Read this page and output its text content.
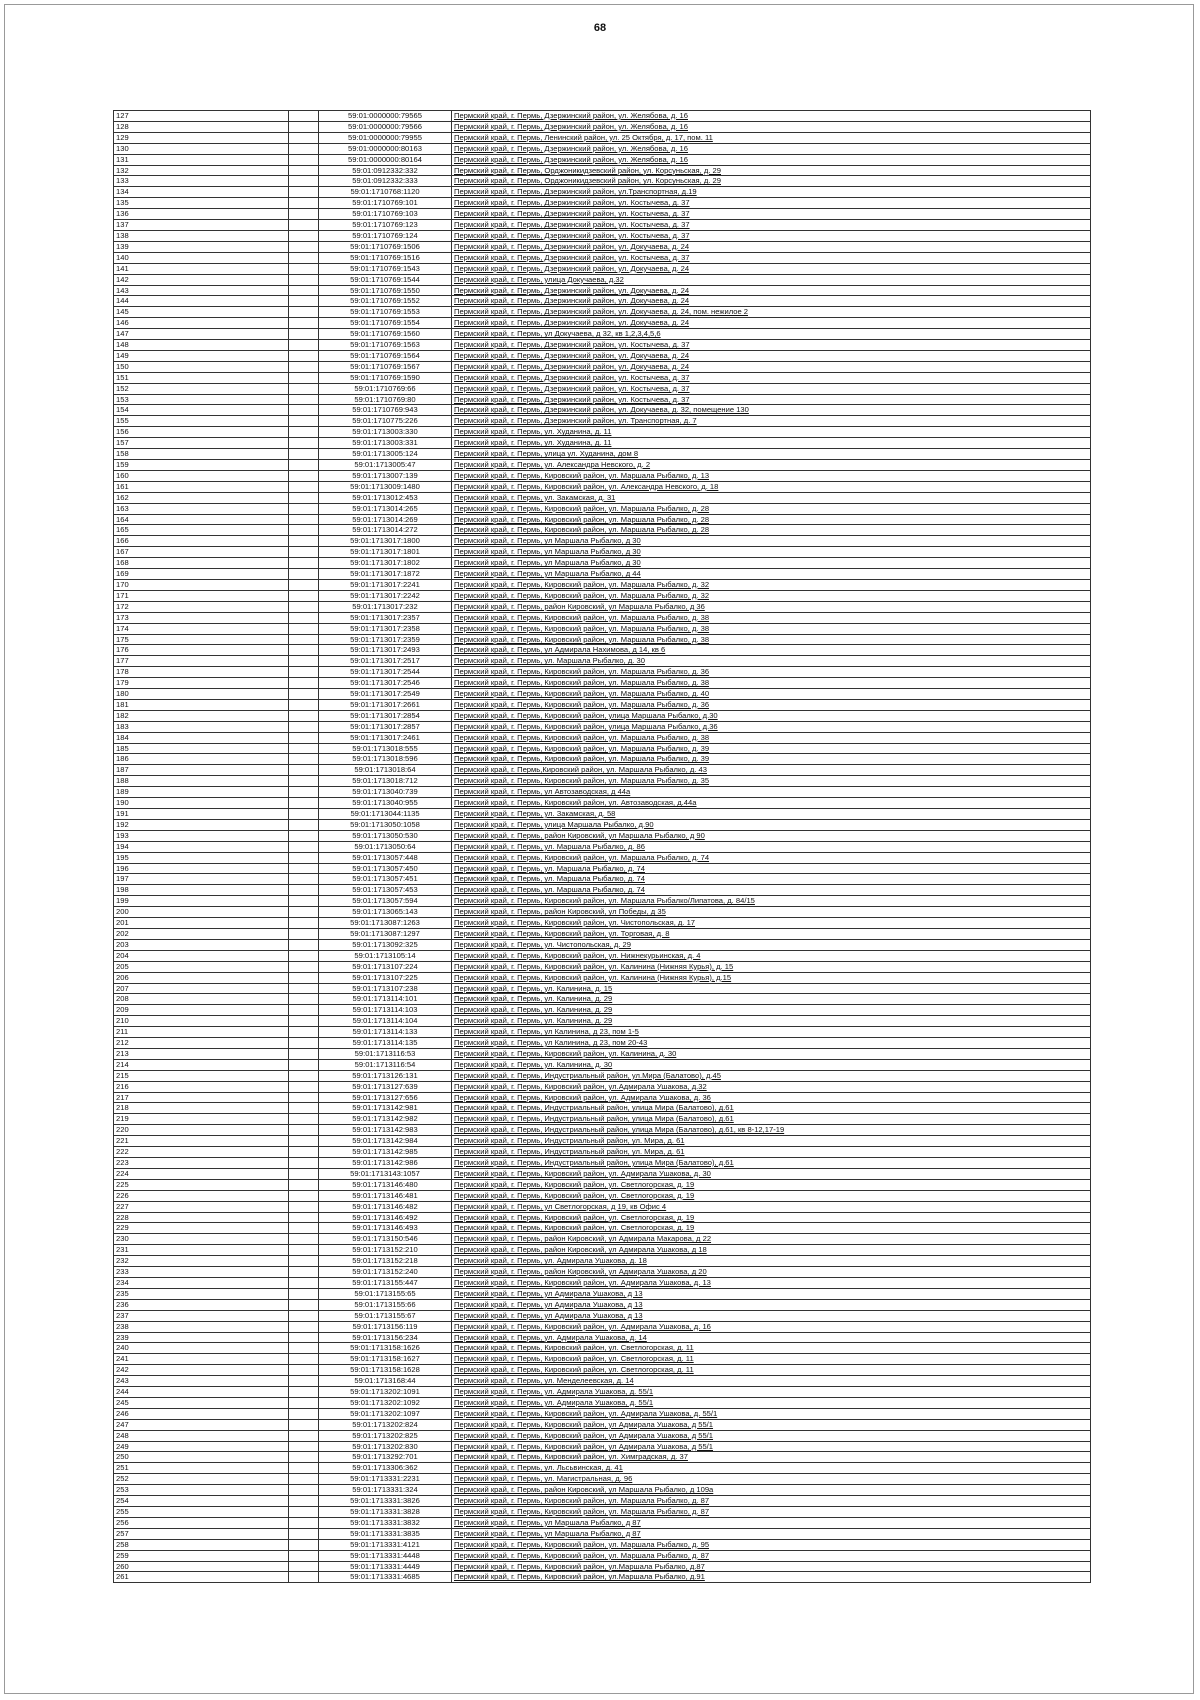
68
127		59:01:0000000:79565	Пермский край, г. Пермь, Дзержинский район, ул. Желябова, д. 16
128		59:01:0000000:79566	Пермский край, г. Пермь, Дзержинский район, ул. Желябова, д. 16
129		59:01:0000000:79955	Пермский край, г. Пермь, Ленинский район, ул. 25 Октября, д. 17, пом. 11
130		59:01:0000000:80163	Пермский край, г. Пермь, Дзержинский район, ул. Желябова, д. 16
131		59:01:0000000:80164	Пермский край, г. Пермь, Дзержинский район, ул. Желябова, д. 16
132		59:01:0912332:332	Пермский край, г. Пермь, Орджоникидзевский район, ул. Корсуньская, д. 29
133		59:01:0912332:333	Пермский край, г. Пермь, Орджоникидзевский район, ул. Корсуньская, д. 29
134		59:01:1710768:1120	Пермский край, г. Пермь, Дзержинский район, ул.Транспортная, д.19
135		59:01:1710769:101	Пермский край, г. Пермь, Дзержинский район, ул. Костычева, д. 37
136		59:01:1710769:103	Пермский край, г. Пермь, Дзержинский район, ул. Костычева, д. 37
137		59:01:1710769:123	Пермский край, г. Пермь, Дзержинский район, ул. Костычева, д. 37
138		59:01:1710769:124	Пермский край, г. Пермь, Дзержинский район, ул. Костычева, д. 37
139		59:01:1710769:1506	Пермский край, г. Пермь, Дзержинский район, ул. Докучаева, д. 24
140		59:01:1710769:1516	Пермский край, г. Пермь, Дзержинский район, ул. Костычева, д. 37
141		59:01:1710769:1543	Пермский край, г. Пермь, Дзержинский район, ул. Докучаева, д. 24
142		59:01:1710769:1544	Пермский край, г. Пермь, улица Докучаева, д.32
143		59:01:1710769:1550	Пермский край, г. Пермь, Дзержинский район, ул. Докучаева, д. 24
144		59:01:1710769:1552	Пермский край, г. Пермь, Дзержинский район, ул. Докучаева, д. 24
145		59:01:1710769:1553	Пермский край, г. Пермь, Дзержинский район, ул. Докучаева, д. 24, пом. нежилое 2
146		59:01:1710769:1554	Пермский край, г. Пермь, Дзержинский район, ул. Докучаева, д. 24
147		59:01:1710769:1560	Пермский край, г. Пермь, ул Докучаева, д 32, кв 1,2,3,4,5,6
148		59:01:1710769:1563	Пермский край, г. Пермь, Дзержинский район, ул. Костычева, д. 37
149		59:01:1710769:1564	Пермский край, г. Пермь, Дзержинский район, ул. Докучаева, д. 24
150		59:01:1710769:1567	Пермский край, г. Пермь, Дзержинский район, ул. Докучаева, д. 24
151		59:01:1710769:1590	Пермский край, г. Пермь, Дзержинский район, ул. Костычева, д. 37
152		59:01:1710769:66	Пермский край, г. Пермь, Дзержинский район, ул. Костычева, д. 37
153		59:01:1710769:80	Пермский край, г. Пермь, Дзержинский район, ул. Костычева, д. 37
154		59:01:1710769:943	Пермский край, г. Пермь, Дзержинский район, ул. Докучаева, д. 32, помещение 130
155		59:01:1710775:226	Пермский край, г. Пермь, Дзержинский район, ул. Транспортная, д. 7
156		59:01:1713003:330	Пермский край, г. Пермь, ул. Худанина, д. 11
157		59:01:1713003:331	Пермский край, г. Пермь, ул. Худанина, д. 11
158		59:01:1713005:124	Пермский край, г. Пермь, улица ул. Худанина, дом 8
159		59:01:1713005:47	Пермский край, г. Пермь, ул. Александра Невского, д. 2
160		59:01:1713007:139	Пермский край, г. Пермь, Кировский район, ул. Маршала Рыбалко, д. 13
161		59:01:1713009:1480	Пермский край, г. Пермь, Кировский район, ул. Александра Невского, д. 18
162		59:01:1713012:453	Пермский край, г. Пермь, ул. Закамская, д. 31
163		59:01:1713014:265	Пермский край, г. Пермь, Кировский район, ул. Маршала Рыбалко, д. 28
164		59:01:1713014:269	Пермский край, г. Пермь, Кировский район, ул. Маршала Рыбалко, д. 28
165		59:01:1713014:272	Пермский край, г. Пермь, Кировский район, ул. Маршала Рыбалко, д. 28
166		59:01:1713017:1800	Пермский край, г. Пермь, ул Маршала Рыбалко, д 30
167		59:01:1713017:1801	Пермский край, г. Пермь, ул Маршала Рыбалко, д 30
168		59:01:1713017:1802	Пермский край, г. Пермь, ул Маршала Рыбалко, д 30
169		59:01:1713017:1872	Пермский край, г. Пермь, ул Маршала Рыбалко, д 44
170		59:01:1713017:2241	Пермский край, г. Пермь, Кировский район, ул. Маршала Рыбалко, д. 32
171		59:01:1713017:2242	Пермский край, г. Пермь, Кировский район, ул. Маршала Рыбалко, д. 32
172		59:01:1713017:232	Пермский край, г. Пермь, район Кировский, ул Маршала Рыбалко, д 36
173		59:01:1713017:2357	Пермский край, г. Пермь, Кировский район, ул. Маршала Рыбалко, д. 38
174		59:01:1713017:2358	Пермский край, г. Пермь, Кировский район, ул. Маршала Рыбалко, д. 38
175		59:01:1713017:2359	Пермский край, г. Пермь, Кировский район, ул. Маршала Рыбалко, д. 38
176		59:01:1713017:2493	Пермский край, г. Пермь, ул Адмирала Нахимова, д 14, кв 6
177		59:01:1713017:2517	Пермский край, г. Пермь, ул. Маршала Рыбалко, д. 30
178		59:01:1713017:2544	Пермский край, г. Пермь, Кировский район, ул. Маршала Рыбалко, д. 36
179		59:01:1713017:2546	Пермский край, г. Пермь, Кировский район, ул. Маршала Рыбалко, д. 38
180		59:01:1713017:2549	Пермский край, г. Пермь, Кировский район, ул. Маршала Рыбалко, д. 40
181		59:01:1713017:2661	Пермский край, г. Пермь, Кировский район, ул. Маршала Рыбалко, д. 36
182		59:01:1713017:2854	Пермский край, г. Пермь, Кировский район, улица Маршала Рыбалко, д.30
183		59:01:1713017:2857	Пермский край, г. Пермь, Кировский район, улица Маршала Рыбалко, д.36
184		59:01:1713017:2461	Пермский край, г. Пермь, Кировский район, ул. Маршала Рыбалко, д. 38
185		59:01:1713018:555	Пермский край, г. Пермь, Кировский район, ул. Маршала Рыбалко, д. 39
186		59:01:1713018:596	Пермский край, г. Пермь, Кировский район, ул. Маршала Рыбалко, д. 39
187		59:01:1713018:64	Пермский край, г. Пермь,Кировский район, ул. Маршала Рыбалко, д. 43
188		59:01:1713018:712	Пермский край, г. Пермь, Кировский район, ул. Маршала Рыбалко, д. 35
189		59:01:1713040:739	Пермский край, г. Пермь, ул Автозаводская, д 44а
190		59:01:1713040:955	Пермский край, г. Пермь, Кировский район, ул. Автозаводская, д.44а
191		59:01:1713044:1135	Пермский край, г. Пермь, ул. Закамская, д. 58
192		59:01:1713050:1058	Пермский край, г. Пермь, улица Маршала Рыбалко, д.90
193		59:01:1713050:530	Пермский край, г. Пермь, район Кировский, ул Маршала Рыбалко, д 90
194		59:01:1713050:64	Пермский край, г. Пермь, ул. Маршала Рыбалко, д. 86
195		59:01:1713057:448	Пермский край, г. Пермь, Кировский район, ул. Маршала Рыбалко, д. 74
196		59:01:1713057:450	Пермский край, г. Пермь, ул. Маршала Рыбалко, д. 74
197		59:01:1713057:451	Пермский край, г. Пермь, ул. Маршала Рыбалко, д. 74
198		59:01:1713057:453	Пермский край, г. Пермь, ул. Маршала Рыбалко, д. 74
199		59:01:1713057:594	Пермский край, г. Пермь, Кировский район, ул. Маршала Рыбалко/Липатова, д. 84/15
200		59:01:1713065:143	Пермский край, г. Пермь, район Кировский, ул Победы, д 35
201		59:01:1713087:1263	Пермский край, г. Пермь, Кировский район, ул. Чистопольская, д. 17
202		59:01:1713087:1297	Пермский край, г. Пермь, Кировский район, ул. Торговая, д. 8
203		59:01:1713092:325	Пермский край, г. Пермь, ул. Чистопольская, д. 29
204		59:01:1713105:14	Пермский край, г. Пермь, Кировский район, ул. Нижнекурьинская, д. 4
205		59:01:1713107:224	Пермский край, г. Пермь, Кировский район, ул. Калинина (Нижняя Курья), д. 15
206		59:01:1713107:225	Пермский край, г. Пермь, Кировский район, ул. Калинина (Нижняя Курья), д.15
207		59:01:1713107:238	Пермский край, г. Пермь, ул. Калинина, д. 15
208		59:01:1713114:101	Пермский край, г. Пермь, ул. Калинина, д. 29
209		59:01:1713114:103	Пермский край, г. Пермь, ул. Калинина, д. 29
210		59:01:1713114:104	Пермский край, г. Пермь, ул. Калинина, д. 29
211		59:01:1713114:133	Пермский край, г. Пермь, ул Калинина, д 23, пом 1-5
212		59:01:1713114:135	Пермский край, г. Пермь, ул Калинина, д 23, пом 20-43
213		59:01:1713116:53	Пермский край, г. Пермь, Кировский район, ул. Калинина, д. 30
214		59:01:1713116:54	Пермский край, г. Пермь, ул. Калинина, д. 30
215		59:01:1713126:131	Пермский край, г. Пермь, Индустриальный район, ул.Мира (Балатово), д.45
216		59:01:1713127:639	Пермский край, г. Пермь, Кировский район, ул.Адмирала Ушакова, д.32
217		59:01:1713127:656	Пермский край, г. Пермь, Кировский район, ул. Адмирала Ушакова, д. 36
218		59:01:1713142:981	Пермский край, г. Пермь, Индустриальный район, улица Мира (Балатово), д.61
219		59:01:1713142:982	Пермский край, г. Пермь, Индустриальный район, улица Мира (Балатово), д.61
220		59:01:1713142:983	Пермский край, г. Пермь, Индустриальный район, улица Мира (Балатово), д.61, кв 8-12,17-19
221		59:01:1713142:984	Пермский край, г. Пермь, Индустриальный район, ул. Мира, д. 61
222		59:01:1713142:985	Пермский край, г. Пермь, Индустриальный район, ул. Мира, д. 61
223		59:01:1713142:986	Пермский край, г. Пермь, Индустриальный район, улица Мира (Балатово), д.61
224		59:01:1713143:1057	Пермский край, г. Пермь, Кировский район, ул. Адмирала Ушакова, д. 30
225		59:01:1713146:480	Пермский край, г. Пермь, Кировский район, ул. Светлогорская, д. 19
226		59:01:1713146:481	Пермский край, г. Пермь, Кировский район, ул. Светлогорская, д. 19
227		59:01:1713146:482	Пермский край, г. Пермь, ул Светлогорская, д 19, кв Офис 4
228		59:01:1713146:492	Пермский край, г. Пермь, Кировский район, ул. Светлогорская, д. 19
229		59:01:1713146:493	Пермский край, г. Пермь, Кировский район, ул. Светлогорская, д. 19
230		59:01:1713150:546	Пермский край, г. Пермь, район Кировский, ул Адмирала Макарова, д 22
231		59:01:1713152:210	Пермский край, г. Пермь, район Кировский, ул Адмирала Ушакова, д 18
232		59:01:1713152:218	Пермский край, г. Пермь, ул. Адмирала Ушакова, д. 18
233		59:01:1713152:240	Пермский край, г. Пермь, район Кировский, ул Адмирала Ушакова, д 20
234		59:01:1713155:447	Пермский край, г. Пермь, Кировский район, ул. Адмирала Ушакова, д. 13
235		59:01:1713155:65	Пермский край, г. Пермь, ул Адмирала Ушакова, д 13
236		59:01:1713155:66	Пермский край, г. Пермь, ул Адмирала Ушакова, д 13
237		59:01:1713155:67	Пермский край, г. Пермь, ул Адмирала Ушакова, д 13
238		59:01:1713156:119	Пермский край, г. Пермь, Кировский район, ул. Адмирала Ушакова, д. 16
239		59:01:1713156:234	Пермский край, г. Пермь, ул. Адмирала Ушакова, д. 14
240		59:01:1713158:1626	Пермский край, г. Пермь, Кировский район, ул. Светлогорская, д. 11
241		59:01:1713158:1627	Пермский край, г. Пермь, Кировский район, ул. Светлогорская, д. 11
242		59:01:1713158:1628	Пермский край, г. Пермь, Кировский район, ул. Светлогорская, д. 11
243		59:01:1713168:44	Пермский край, г. Пермь, ул. Менделеевская, д. 14
244		59:01:1713202:1091	Пермский край, г. Пермь, ул. Адмирала Ушакова, д. 55/1
245		59:01:1713202:1092	Пермский край, г. Пермь, ул. Адмирала Ушакова, д. 55/1
246		59:01:1713202:1097	Пермский край, г. Пермь, Кировский район, ул. Адмирала Ушакова, д. 55/1
247		59:01:1713202:824	Пермский край, г. Пермь, Кировский район, ул Адмирала Ушакова, д 55/1
248		59:01:1713202:825	Пермский край, г. Пермь, Кировский район, ул Адмирала Ушакова, д 55/1
249		59:01:1713202:830	Пермский край, г. Пермь, Кировский район, ул Адмирала Ушакова, д 55/1
250		59:01:1713292:701	Пермский край, г. Пермь, Кировский район, ул. Химградская, д. 37
251		59:01:1713306:362	Пермский край, г. Пермь, ул. Льсьвинская, д. 41
252		59:01:1713331:2231	Пермский край, г. Пермь, ул. Магистральная, д. 96
253		59:01:1713331:324	Пермский край, г. Пермь, район Кировский, ул Маршала Рыбалко, д 109а
254		59:01:1713331:3826	Пермский край, г. Пермь, Кировский район, ул. Маршала Рыбалко, д. 87
255		59:01:1713331:3828	Пермский край, г. Пермь, Кировский район, ул. Маршала Рыбалко, д. 87
256		59:01:1713331:3832	Пермский край, г. Пермь, ул Маршала Рыбалко, д 87
257		59:01:1713331:3835	Пермский край, г. Пермь, ул Маршала Рыбалко, д 87
258		59:01:1713331:4121	Пермский край, г. Пермь, Кировский район, ул. Маршала Рыбалко, д. 95
259		59:01:1713331:4448	Пермский край, г. Пермь, Кировский район, ул. Маршала Рыбалко, д. 87
260		59:01:1713331:4449	Пермский край, г. Пермь, Кировский район, ул.Маршала Рыбалко, д.87
261		59:01:1713331:4685	Пермский край, г. Пермь, Кировский район, ул.Маршала Рыбалко, д.91
